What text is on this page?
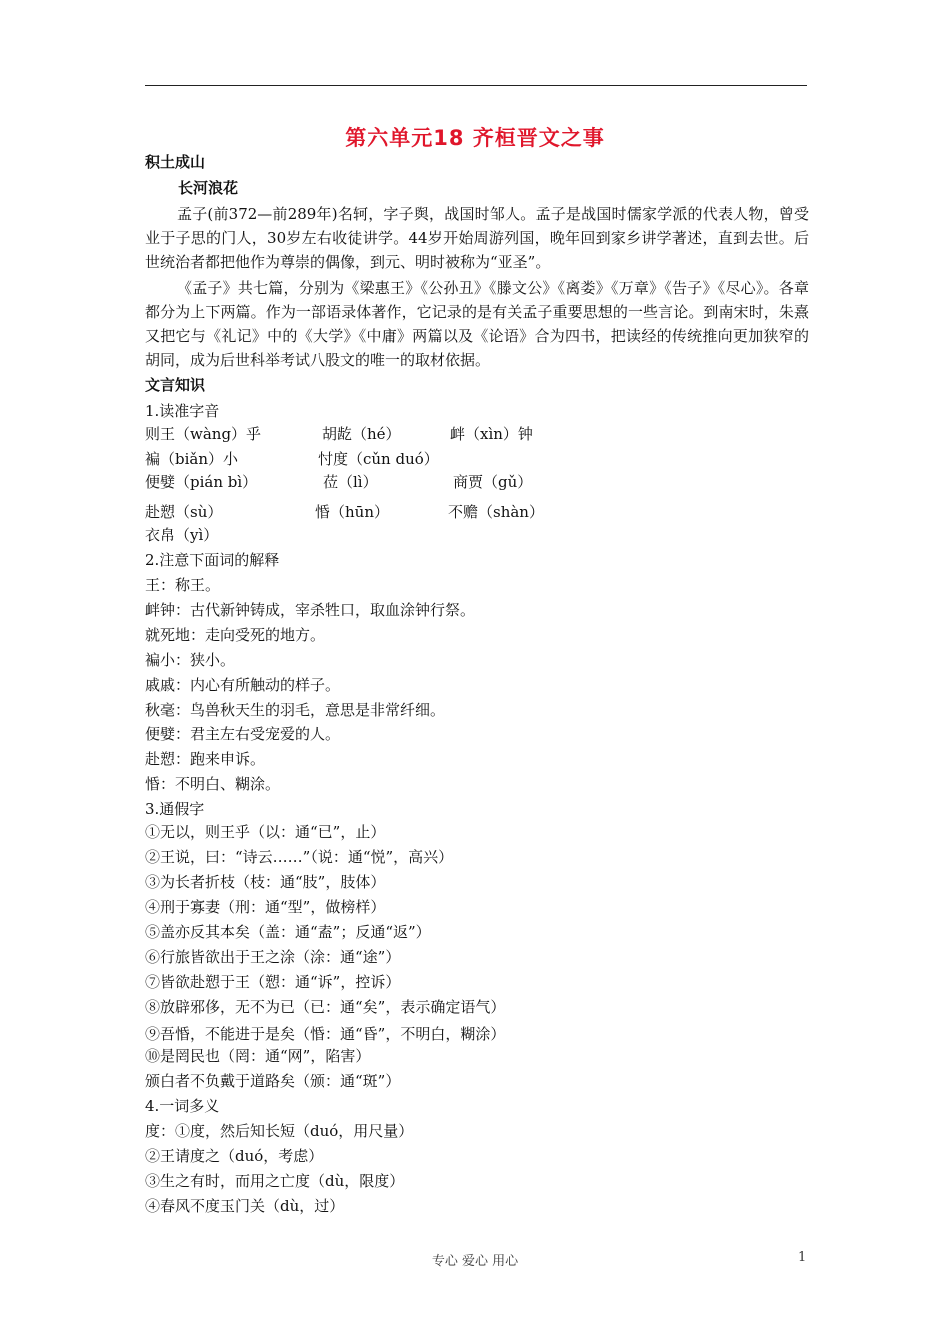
第六单元18 齐桓晋文之事
积土成山
长河浪花
孟子(前372—前289年)名轲，字子舆，战国时邹人。孟子是战国时儒家学派的代表人物，曾受业于子思的门人，30岁左右收徒讲学。44岁开始周游列国，晚年回到家乡讲学著述，直到去世。后世统治者都把他作为尊崇的偶像，到元、明时被称为“亚圣”。
《孟子》共七篇，分别为《梁惠王》《公孙丑》《滕文公》《离娄》《万章》《告子》《尽心》。各章都分为上下两篇。作为一部语录体著作，它记录的是有关孟子重要思想的一些言论。到南宋时，朱熹又把它与《礼记》中的《大学》《中庸》两篇以及《论语》合为四书，把读经的传统推向更加狭窄的胡同，成为后世科举考试八股文的唯一的取材依据。
文言知识
1.读准字音
则王（wàng）乎	胡龁（hé）	衅（xìn）钟
褊（biǎn）小	忖度（cǔn duó）
便嬖（pián bì）	莅（lì）	商贾（gǔ）
赴愬（sù）	惛（hūn）	不赡（shàn）
衣帛（yì）
2.注意下面词的解释
王：称王。
衅钟：古代新钟铸成，宰杀牲口，取血涂钟行祭。
就死地：走向受死的地方。
褊小：狭小。
戚戚：内心有所触动的样子。
秋毫：鸟兽秋天生的羽毛，意思是非常纤细。
便嬖：君主左右受宠爱的人。
赴愬：跑来申诉。
惛：不明白、糊涂。
3.通假字
①无以，则王乎（以：通“已”，止）
②王说，曰：“诗云……”（说：通“悦”，高兴）
③为长者折枝（枝：通“肢”，肢体）
④刑于寡妻（刑：通“型”，做榜样）
⑤盖亦反其本矣（盖：通“盍”；反通“返”）
⑥行旅皆欲出于王之涂（涂：通“途”）
⑦皆欲赴愬于王（愬：通“诉”，控诉）
⑧放辟邪侈，无不为已（已：通“矣”，表示确定语气）
⑨吾惛，不能进于是矣（惛：通“昏”，不明白，糊涂）
⑩是罔民也（罔：通“网”，陷害）
颁白者不负戴于道路矣（颁：通“斑”）
4.一词多义
度：①度，然后知长短（duó，用尺量）
②王请度之（duó，考虑）
③生之有时，而用之亡度（dù，限度）
④春风不度玉门关（dù，过）
专心 爱心 用心	1
